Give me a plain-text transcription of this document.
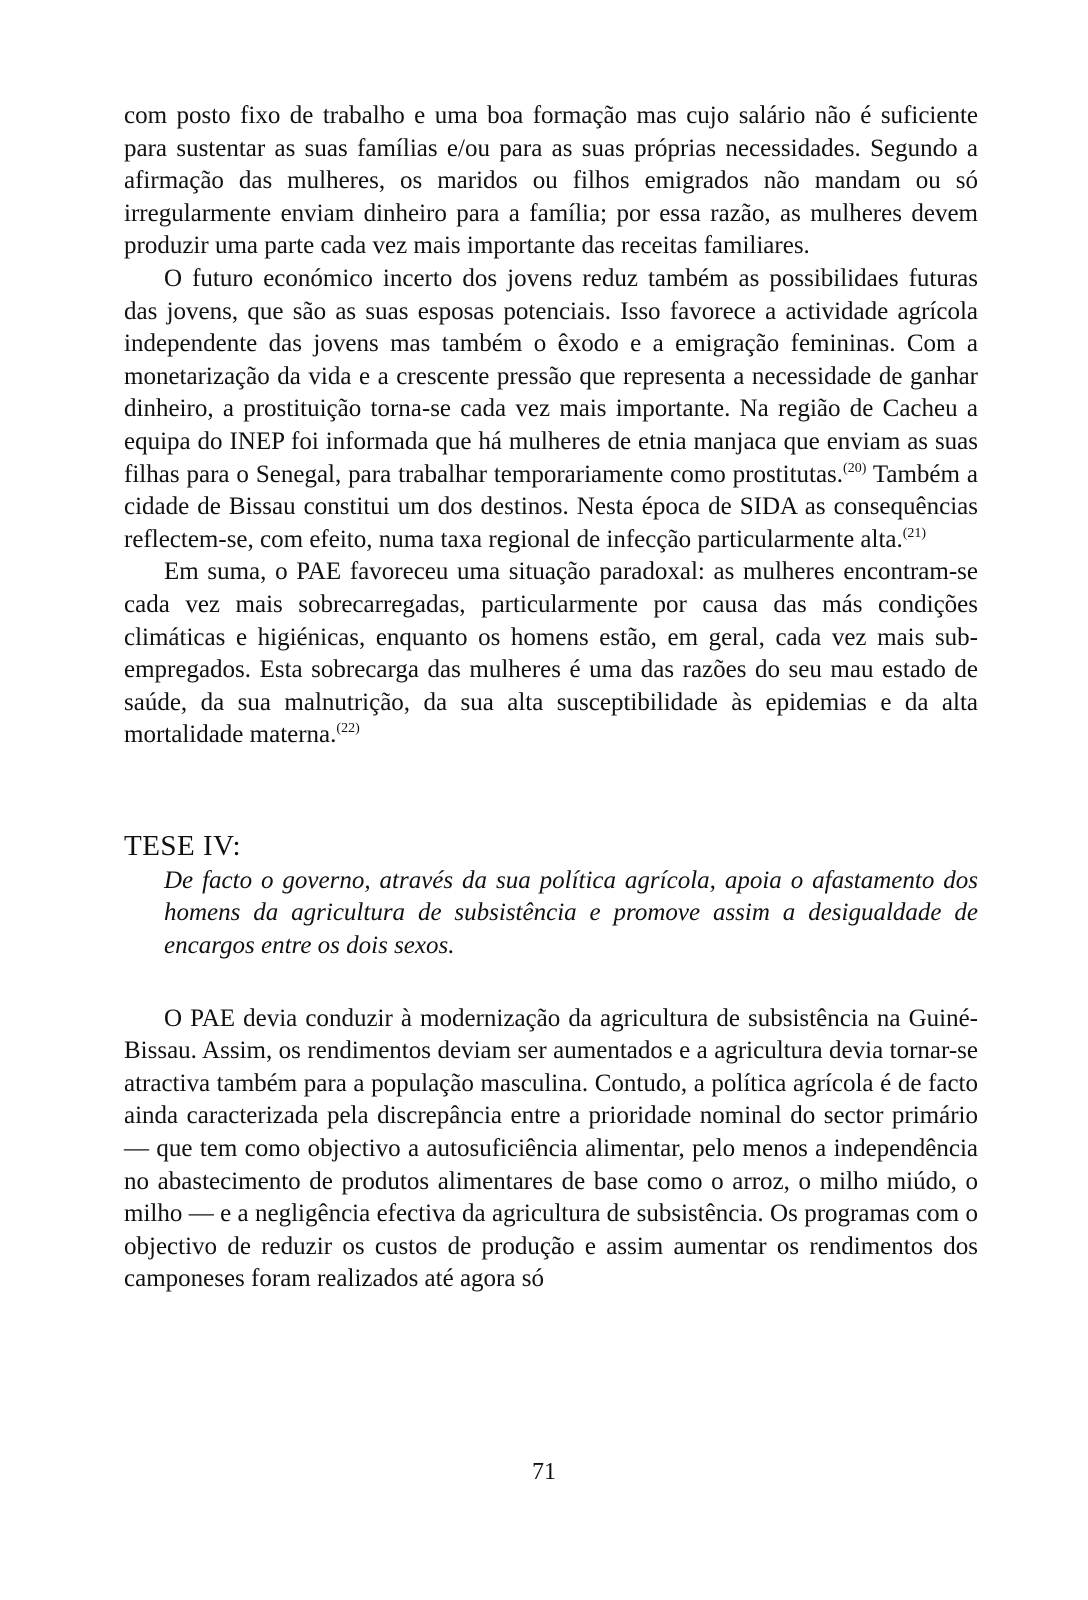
com posto fixo de trabalho e uma boa formação mas cujo salário não é suficiente para sustentar as suas famílias e/ou para as suas próprias necessidades. Segundo a afirmação das mulheres, os maridos ou filhos emigrados não mandam ou só irregularmente enviam dinheiro para a família; por essa razão, as mulheres devem produzir uma parte cada vez mais importante das receitas familiares.

O futuro económico incerto dos jovens reduz também as possibilidaes futuras das jovens, que são as suas esposas potenciais. Isso favorece a actividade agrícola independente das jovens mas também o êxodo e a emigração femininas. Com a monetarização da vida e a crescente pressão que representa a necessidade de ganhar dinheiro, a prostituição torna-se cada vez mais importante. Na região de Cacheu a equipa do INEP foi informada que há mulheres de etnia manjaca que enviam as suas filhas para o Senegal, para trabalhar temporariamente como prostitutas.$^{(20)}$ Também a cidade de Bissau constitui um dos destinos. Nesta época de SIDA as consequências reflectem-se, com efeito, numa taxa regional de infecção particularmente alta.$^{(21)}$

Em suma, o PAE favoreceu uma situação paradoxal: as mulheres encontram-se cada vez mais sobrecarregadas, particularmente por causa das más condições climáticas e higiénicas, enquanto os homens estão, em geral, cada vez mais sub-empregados. Esta sobrecarga das mulheres é uma das razões do seu mau estado de saúde, da sua malnutrição, da sua alta susceptibilidade às epidemias e da alta mortalidade materna.$^{(22)}$

TESE IV:

De facto o governo, através da sua política agrícola, apoia o afastamento dos homens da agricultura de subsistência e promove assim a desigualdade de encargos entre os dois sexos.

O PAE devia conduzir à modernização da agricultura de subsistência na Guiné-Bissau. Assim, os rendimentos deviam ser aumentados e a agricultura devia tornar-se atractiva também para a população masculina. Contudo, a política agrícola é de facto ainda caracterizada pela discrepância entre a prioridade nominal do sector primário — que tem como objectivo a autosuficiência alimentar, pelo menos a independência no abastecimento de produtos alimentares de base como o arroz, o milho miúdo, o milho — e a negligência efectiva da agricultura de subsistência. Os programas com o objectivo de reduzir os custos de produção e assim aumentar os rendimentos dos camponeses foram realizados até agora só

71
